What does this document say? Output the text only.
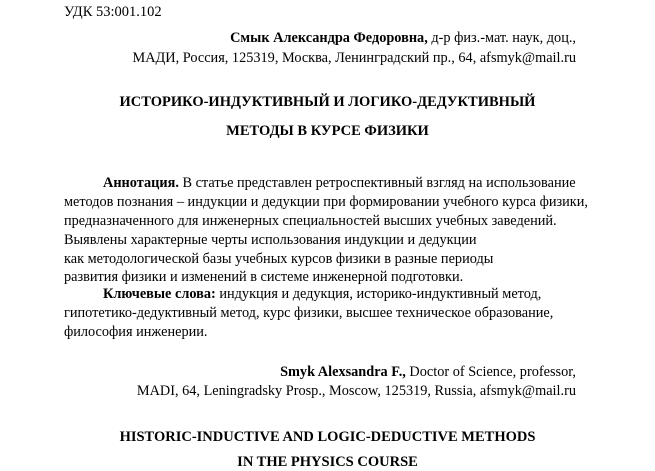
УДК 53:001.102
Смык Александра Федоровна, д-р физ.-мат. наук, доц.,
МАДИ, Россия, 125319, Москва, Ленинградский пр., 64, afsmyk@mail.ru
ИСТОРИКО-ИНДУКТИВНЫЙ И ЛОГИКО-ДЕДУКТИВНЫЙ
МЕТОДЫ В КУРСЕ ФИЗИКИ
Аннотация. В статье представлен ретроспективный взгляд на использование
методов познания – индукции и дедукции при формировании учебного курса физики,
предназначенного для инженерных специальностей высших учебных заведений.
Выявлены характерные черты использования индукции и дедукции
как методологической базы учебных курсов физики в разные периоды
развития физики и изменений в системе инженерной подготовки.
Ключевые слова: индукция и дедукция, историко-индуктивный метод,
гипотетико-дедуктивный метод, курс физики, высшее техническое образование,
философия инженерии.
Smyk Alexsandra F., Doctor of Science, professor,
MADI, 64, Leningradsky Prosp., Moscow, 125319, Russia, afsmyk@mail.ru
HISTORIC-INDUCTIVE AND LOGIC-DEDUCTIVE METHODS
IN THE PHYSICS COURSE
